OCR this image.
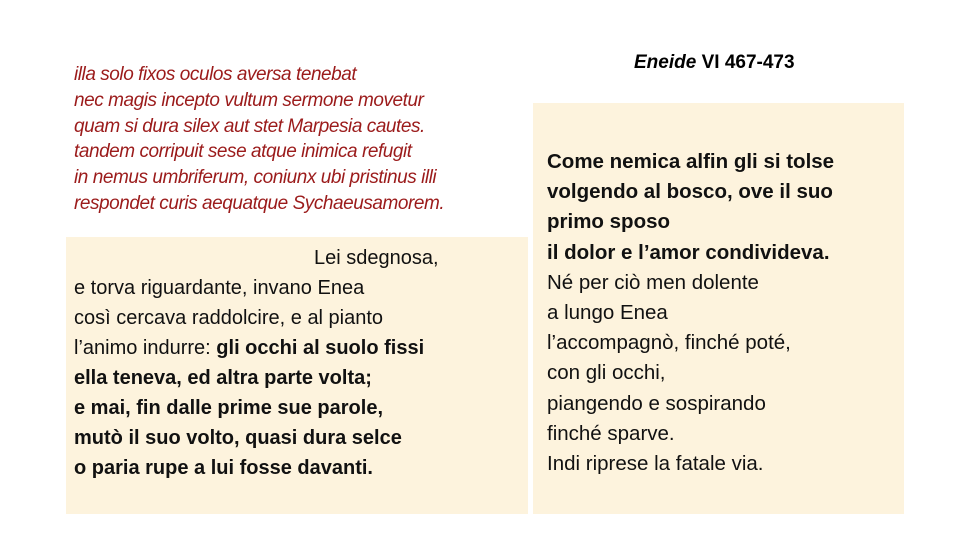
Eneide VI 467-473

illa solo fixos oculos aversa tenebat
nec magis incepto vultum sermone movetur
quam si dura silex aut stet Marpesia cautes.
tandem corripuit sese atque inimica refugit
in nemus umbriferum, coniunx ubi pristinus illi
respondet curis aequatque Sychaeusamorem.

Lei sdegnosa,
e torva riguardante, invano Enea
così cercava raddolcire, e al pianto
l’animo indurre: gli occhi al suolo fissi
ella teneva, ed altra parte volta;
e mai, fin dalle prime sue parole,
mutò il suo volto, quasi dura selce
o paria rupe a lui fosse davanti.

Come nemica alfin gli si tolse
volgendo al bosco, ove il suo
primo sposo
il dolor e l’amor condivideva.
Né per ciò men dolente
a lungo Enea
l’accompagnò, finché poté,
con gli occhi,
piangendo e sospirando
finché sparve.
Indi riprese la fatale via.
